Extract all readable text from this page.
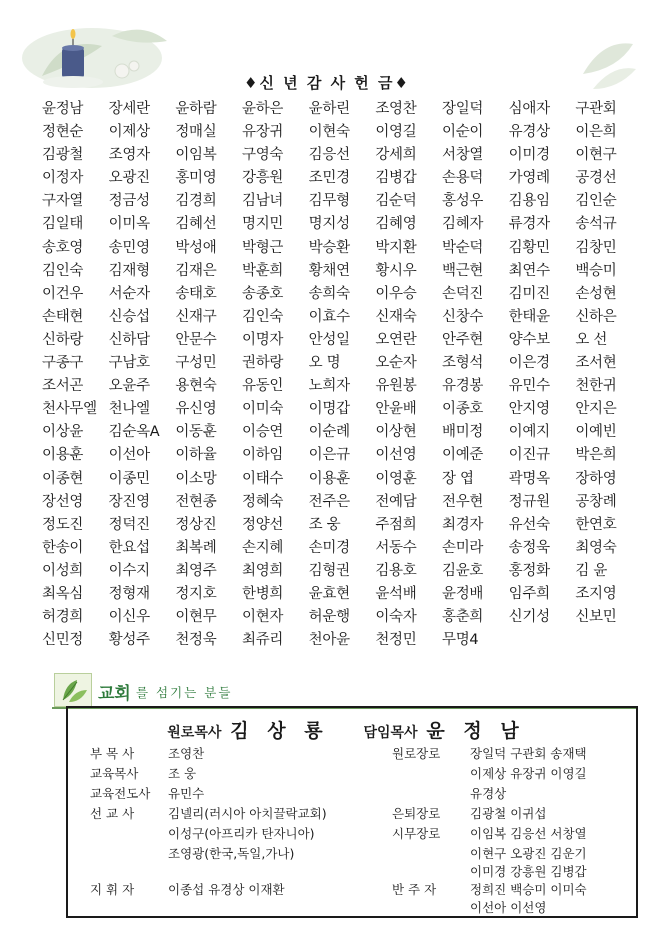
♦신 년 감 사 헌 금♦
윤정남	장세란	윤하람	윤하은	윤하린	조영찬	장일덕	심애자	구관회
정현순	이제상	정매실	유장귀	이현숙	이영길	이순이	유경상	이은희
김광철	조영자	이임복	구영숙	김응선	강세희	서창열	이미경	이현구
이정자	오광진	홍미영	강흥원	조민경	김병갑	손용덕	가영례	공경선
구자열	정금성	김경희	김남녀	김무형	김순덕	홍성우	김용임	김인순
김일태	이미옥	김혜선	명지민	명지성	김혜영	김혜자	류경자	송석규
송호영	송민영	박성애	박형근	박승환	박지환	박순덕	김황민	김창민
김인숙	김재형	김재은	박훈희	황채연	황시우	백근현	최연수	백승미
이건우	서순자	송태호	송종호	송희숙	이우승	손덕진	김미진	손성현
손태현	신승섭	신재구	김인숙	이효수	신재숙	신창수	한태윤	신하은
신하랑	신하담	안문수	이명자	안성일	오연란	안주현	양수보	오 선
구종구	구남호	구성민	권하랑	오 명	오순자	조형석	이은경	조서현
조서곤	오윤주	용현숙	유동인	노희자	유원봉	유경봉	유민수	천한귀
천사무엘 천나엘	유신영	이미숙	이명갑	안윤배	이종호	안지영	안지은
이상윤	김순옥A	이동훈	이승연	이순례	이상현	배미정	이예지	이예빈
이용훈	이선아	이하율	이하임	이은규	이선영	이예준	이진규	박은희
이종현	이종민	이소망	이태수	이용훈	이영훈	장 엽	곽명옥	장하영
장선영	장진영	전현종	정혜숙	전주은	전예담	전우현	정규원	공창례
정도진	정덕진	정상진	정양선	조 웅	주점희	최경자	유선숙	한연호
한송이	한요섭	최복례	손지혜	손미경	서동수	손미라	송정욱	최영숙
이성희	이수지	최영주	최영희	김형권	김용호	김윤호	홍정화	김 윤
최옥심	정형재	정지호	한병희	윤효현	윤석배	윤정배	임주희	조지영
허경희	이신우	이현무	이현자	허운행	이숙자	홍춘희	신기성	신보민
신민정	황성주	천정욱	최쥬리	천아윤	천정민	무명4
교회 를 섬기는 분들
원로목사 김 상 룡 담임목사 윤 정 남
부 목 사	조영찬
교육목사 조 웅
교육전도사 유민수
선 교 사	김넬리(러시아 아치끌락교회)
이성구(아프리카 탄자니아)
조영광(한국,독일,가나)
지 휘 자	이종섭 유경상 이재환
원로장로 장일덕 구관회 송재택
이제상 유장귀 이영길
유경상
은퇴장로 김광철 이귀섭
시무장로 이임복 김응선 서창열
이현구 오광진 김운기
이미경 강흥원 김병갑
반 주 자	정희진 백승미 이미숙
이선아 이선영
